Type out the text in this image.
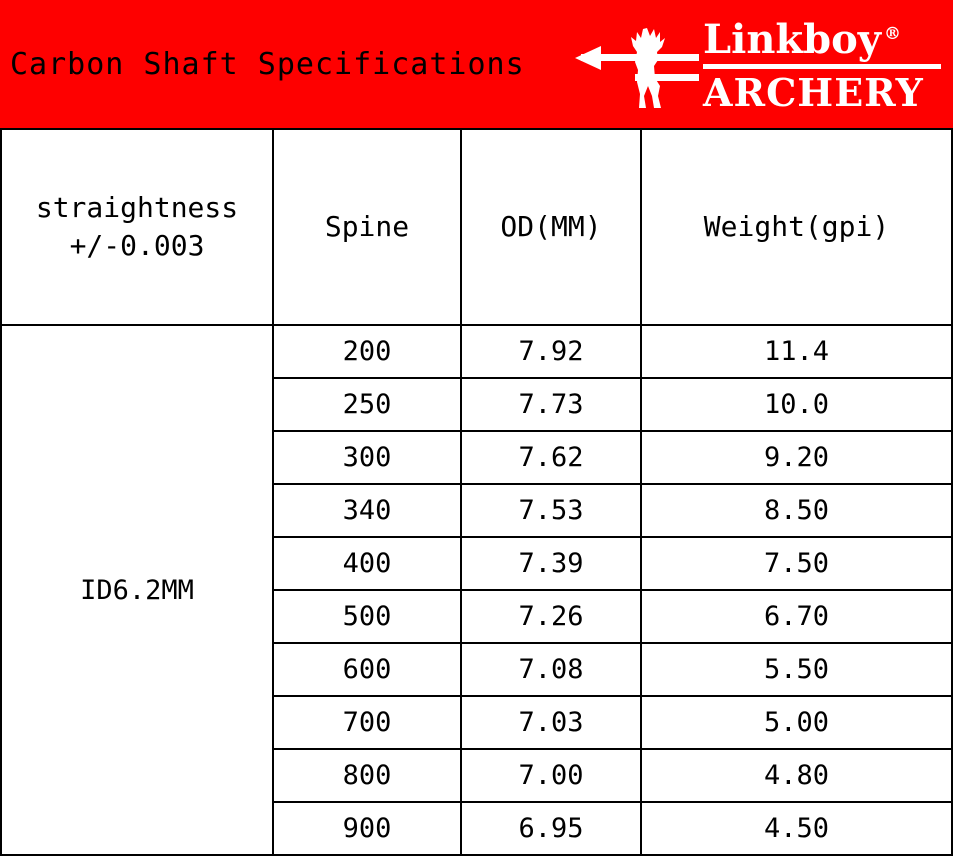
Carbon Shaft Specifications
Linkboy ®
ARCHERY
straightness
+/-0.003	Spine	OD(MM)	Weight(gpi)
ID6.2MM	200	7.92	11.4
	250	7.73	10.0
	300	7.62	9.20
	340	7.53	8.50
	400	7.39	7.50
	500	7.26	6.70
	600	7.08	5.50
	700	7.03	5.00
	800	7.00	4.80
	900	6.95	4.50
